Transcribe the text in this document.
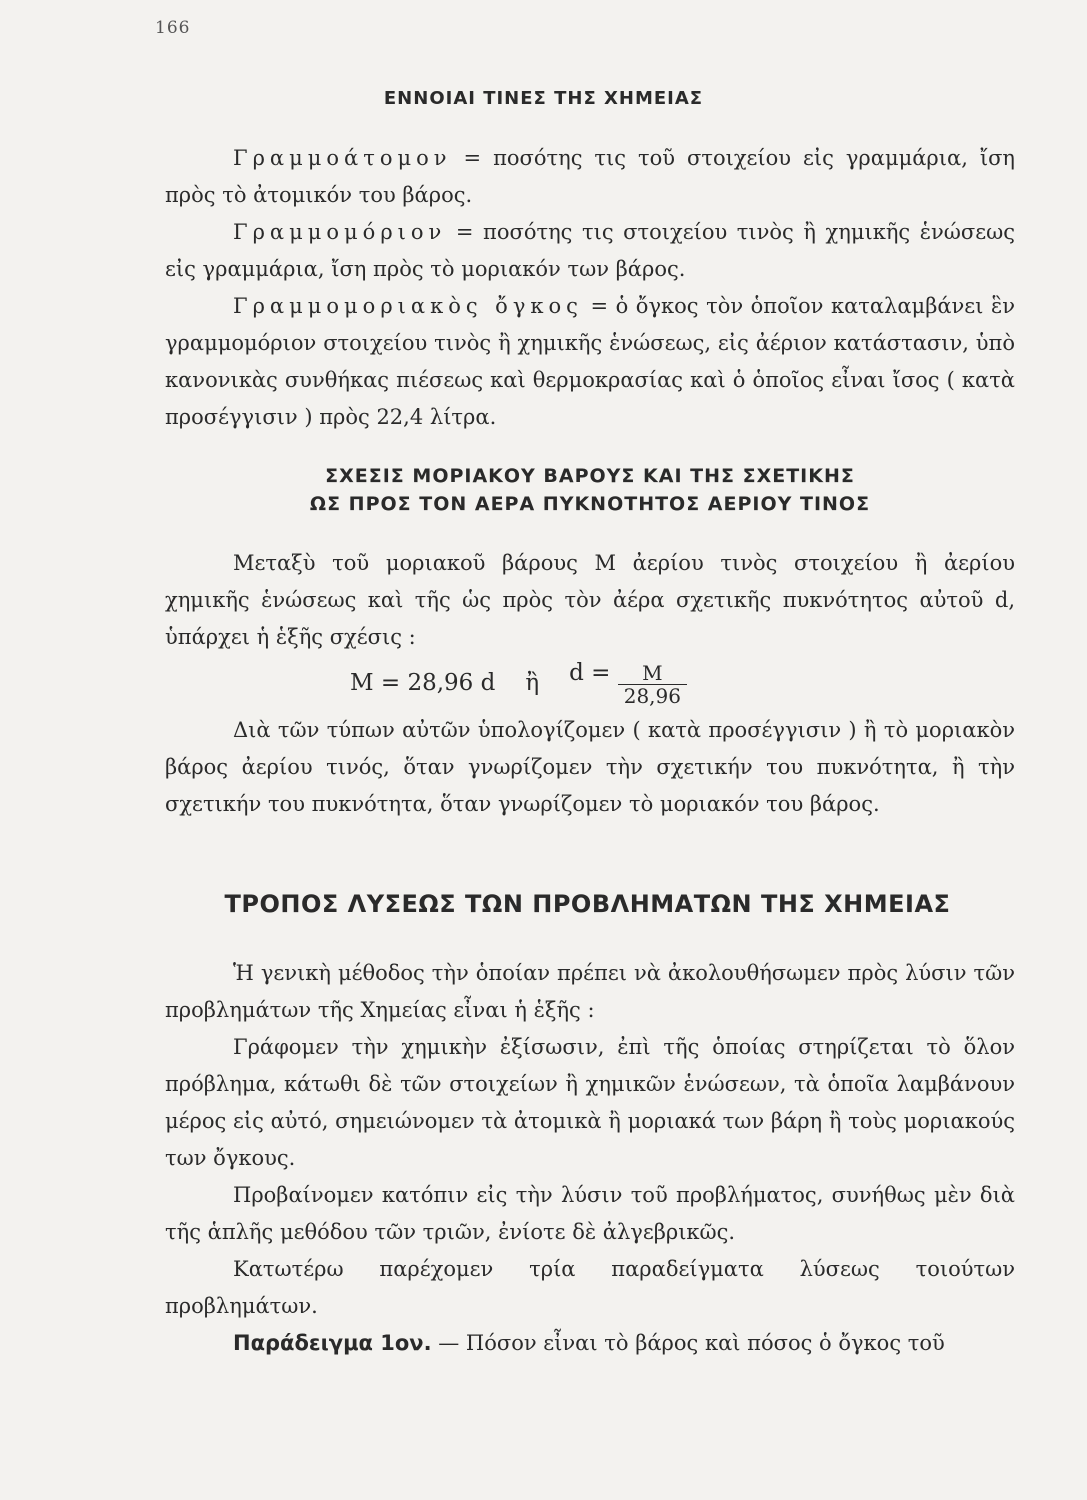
166
ΕΝΝΟΙΑΙ ΤΙΝΕΣ ΤΗΣ ΧΗΜΕΙΑΣ

Γραμμοάτομον = ποσότης τις τοῦ στοιχείου εἰς γραμμάρια, ἴση πρὸς τὸ ἀτομικόν του βάρος.

Γραμμομόριον = ποσότης τις στοιχείου τινὸς ἢ χημικῆς ἑνώσεως εἰς γραμμάρια, ἴση πρὸς τὸ μοριακόν των βάρος.

Γραμμομοριακὸς ὄγκος = ὁ ὄγκος τὸν ὁποῖον καταλαμβάνει ἓν γραμμομόριον στοιχείου τινὸς ἢ χημικῆς ἑνώσεως, εἰς ἀέριον κατάστασιν, ὑπὸ κανονικὰς συνθήκας πιέσεως καὶ θερμοκρασίας καὶ ὁ ὁποῖος εἶναι ἴσος ( κατὰ προσέγγισιν ) πρὸς 22,4 λίτρα.

ΣΧΕΣΙΣ ΜΟΡΙΑΚΟΥ ΒΑΡΟΥΣ ΚΑΙ ΤΗΣ ΣΧΕΤΙΚΗΣ
ΩΣ ΠΡΟΣ ΤΟΝ ΑΕΡΑ ΠΥΚΝΟΤΗΤΟΣ ΑΕΡΙΟΥ ΤΙΝΟΣ

Μεταξὺ τοῦ μοριακοῦ βάρους Μ ἀερίου τινὸς στοιχείου ἢ ἀερίου χημικῆς ἑνώσεως καὶ τῆς ὡς πρὸς τὸν ἀέρα σχετικῆς πυκνότητος αὐτοῦ d, ὑπάρχει ἡ ἑξῆς σχέσις :

Μ = 28,96 d ἢ $d = \frac{M}{28,96}$

Διὰ τῶν τύπων αὐτῶν ὑπολογίζομεν ( κατὰ προσέγγισιν ) ἢ τὸ μοριακὸν βάρος ἀερίου τινός, ὅταν γνωρίζομεν τὴν σχετικήν του πυκνότητα, ἢ τὴν σχετικήν του πυκνότητα, ὅταν γνωρίζομεν τὸ μοριακόν του βάρος.

ΤΡΟΠΟΣ ΛΥΣΕΩΣ ΤΩΝ ΠΡΟΒΛΗΜΑΤΩΝ ΤΗΣ ΧΗΜΕΙΑΣ

Ἡ γενικὴ μέθοδος τὴν ὁποίαν πρέπει νὰ ἀκολουθήσωμεν πρὸς λύσιν τῶν προβλημάτων τῆς Χημείας εἶναι ἡ ἑξῆς :

Γράφομεν τὴν χημικὴν ἐξίσωσιν, ἐπὶ τῆς ὁποίας στηρίζεται τὸ ὅλον πρόβλημα, κάτωθι δὲ τῶν στοιχείων ἢ χημικῶν ἑνώσεων, τὰ ὁποῖα λαμβάνουν μέρος εἰς αὐτό, σημειώνομεν τὰ ἀτομικὰ ἢ μοριακά των βάρη ἢ τοὺς μοριακούς των ὄγκους.

Προβαίνομεν κατόπιν εἰς τὴν λύσιν τοῦ προβλήματος, συνήθως μὲν διὰ τῆς ἁπλῆς μεθόδου τῶν τριῶν, ἐνίοτε δὲ ἀλγεβρικῶς.

Κατωτέρω παρέχομεν τρία παραδείγματα λύσεως τοιούτων προβλημάτων.

Παράδειγμα 1ον. — Πόσον εἶναι τὸ βάρος καὶ πόσος ὁ ὄγκος τοῦ
